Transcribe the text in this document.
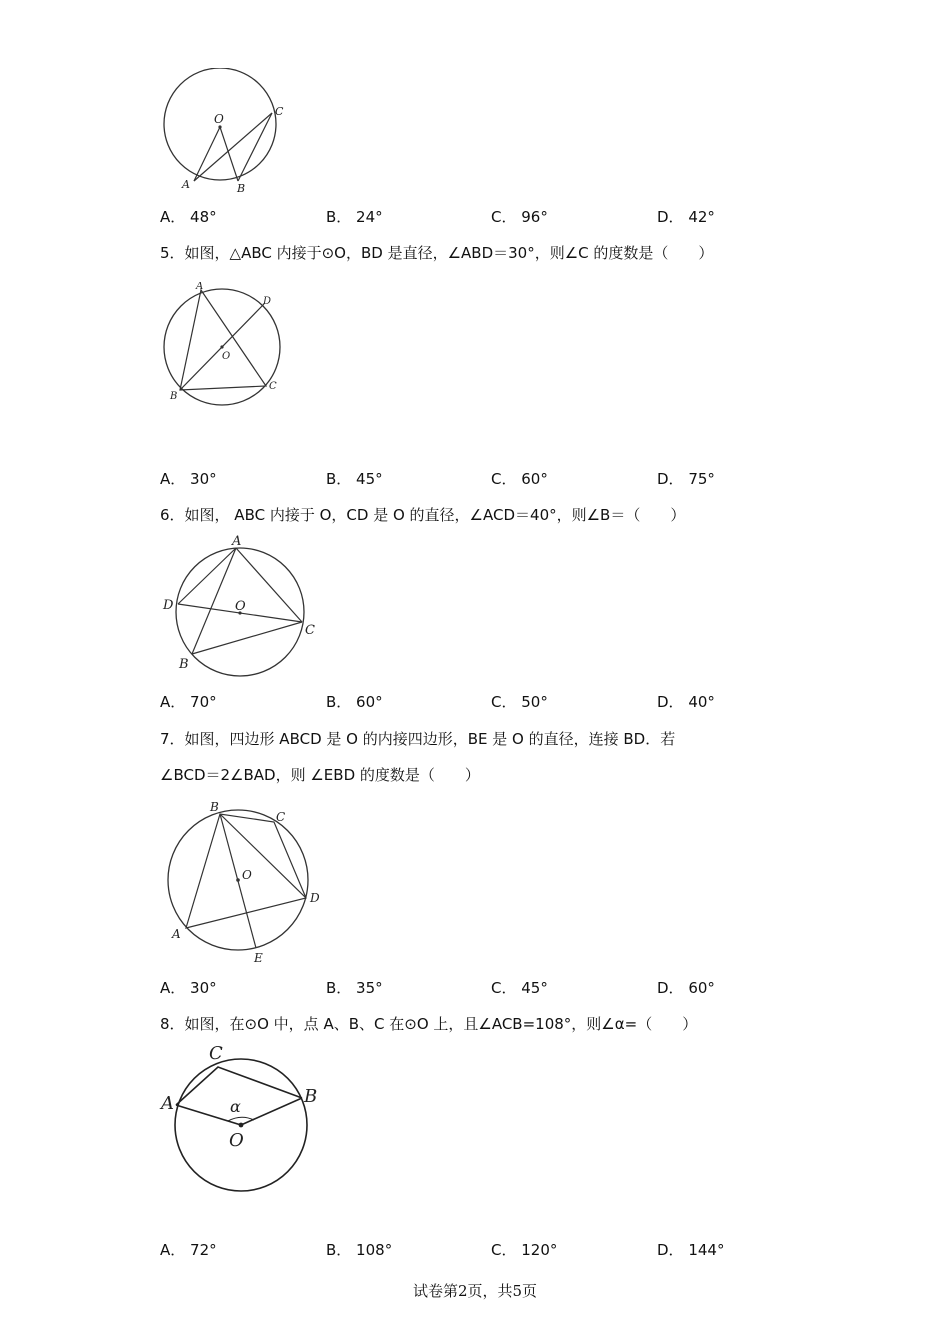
O
A	B
C
A． 48°	B． 24°	C． 96°	D． 42°
5．如图，△ABC 内接于⊙O，BD 是直径，∠ABD＝30°，则∠C 的度数是（　　）
A
B
C
D
O
A． 30°	B． 45°	C． 60°	D． 75°
6．如图， ABC 内接于 O，CD 是 O 的直径，∠ACD＝40°，则∠B＝（　　）
A
D	O
C
B
A． 70°	B． 60°	C． 50°	D． 40°
7．如图，四边形 ABCD 是 O 的内接四边形，BE 是 O 的直径，连接 BD．若
∠BCD＝2∠BAD，则 ∠EBD 的度数是（　　）
B
C
O
D
A
E
A． 30°	B． 35°	C． 45°	D． 60°
8．如图，在⊙O 中，点 A、B、C 在⊙O 上，且∠ACB=108°，则∠α=（　　）
C
A	B
α
O
A． 72°	B． 108°	C． 120°	D． 144°
试卷第2页，共5页
